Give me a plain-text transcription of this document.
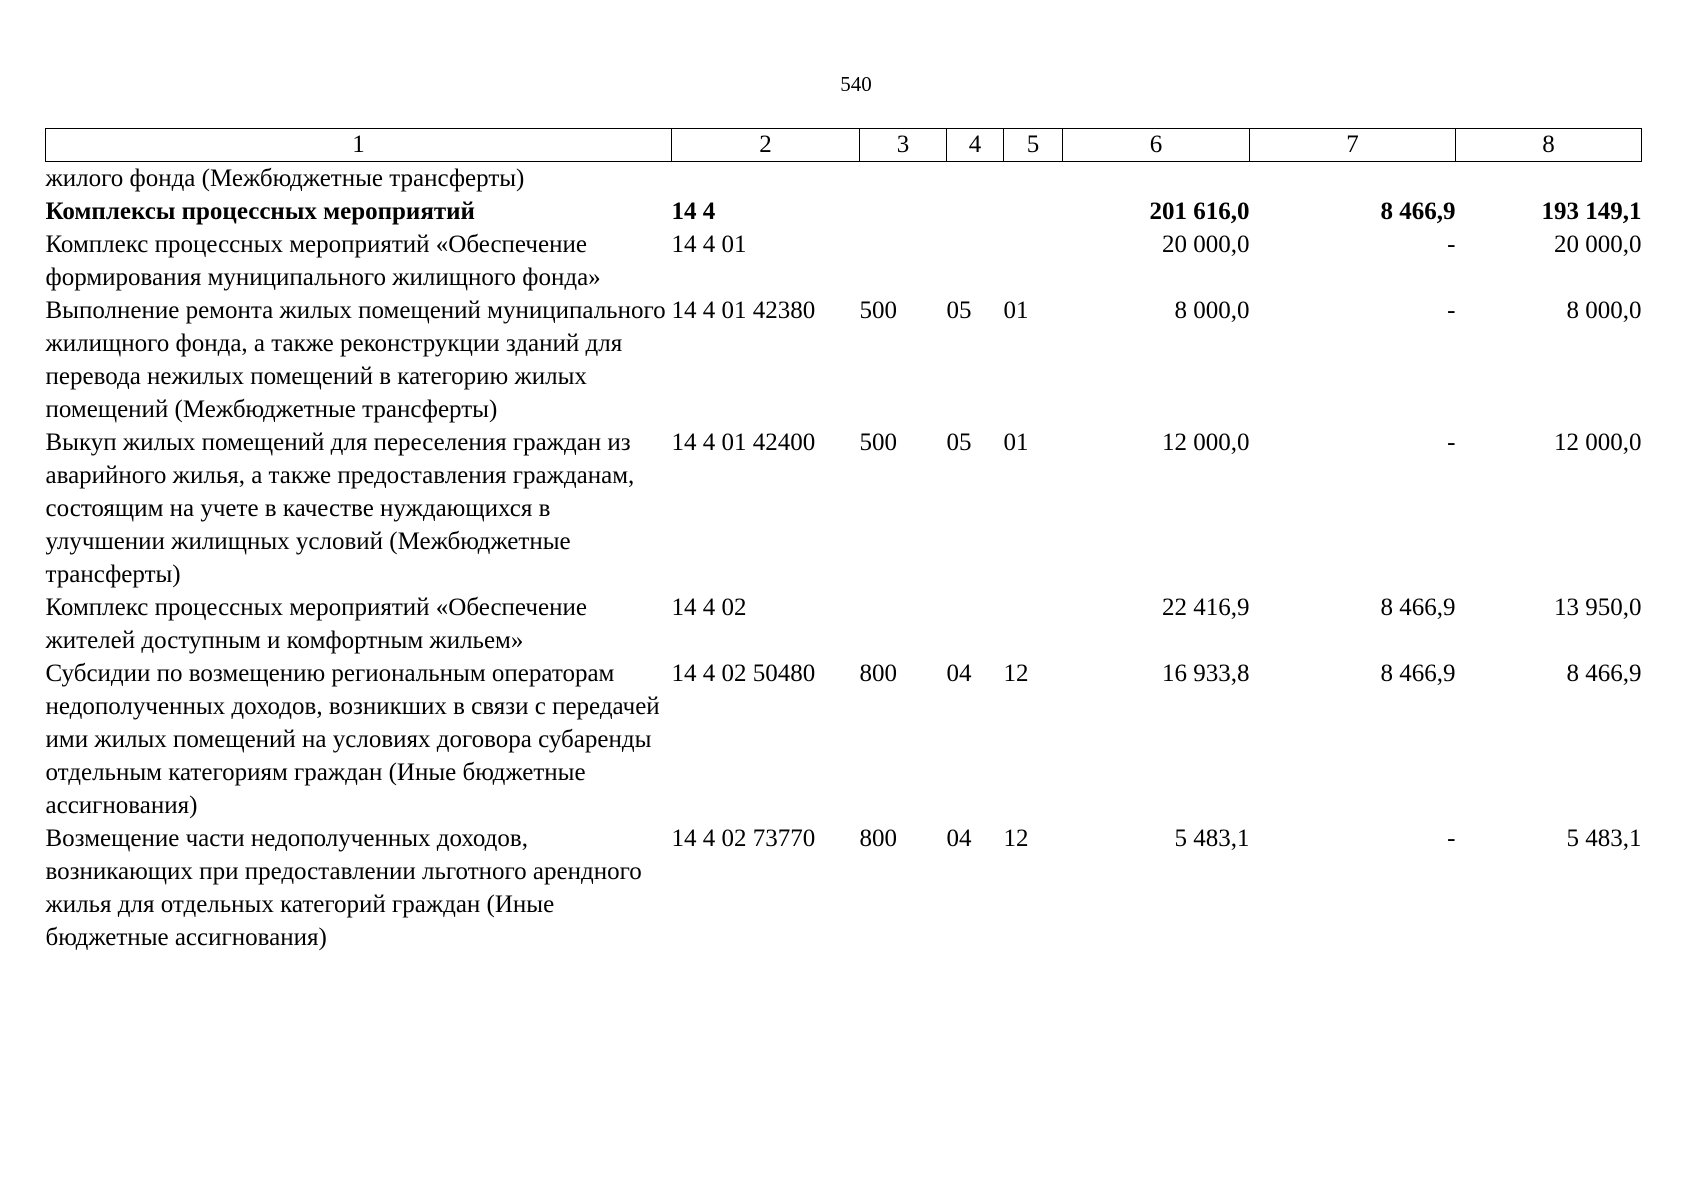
540
1	2	3	4	5	6	7	8
жилого фонда (Межбюджетные трансферты)							
Комплексы процессных мероприятий	14 4				201 616,0	8 466,9	193 149,1
Комплекс процессных мероприятий «Обеспечение формирования муниципального жилищного фонда»	14 4 01				20 000,0	-	20 000,0
Выполнение ремонта жилых помещений муниципального жилищного фонда, а также реконструкции зданий для перевода нежилых помещений в категорию жилых помещений (Межбюджетные трансферты)	14 4 01 42380	500	05	01	8 000,0	-	8 000,0
Выкуп жилых помещений для переселения граждан из аварийного жилья, а также предоставления гражданам, состоящим на учете в качестве нуждающихся в улучшении жилищных условий (Межбюджетные трансферты)	14 4 01 42400	500	05	01	12 000,0	-	12 000,0
Комплекс процессных мероприятий «Обеспечение жителей доступным и комфортным жильем»	14 4 02				22 416,9	8 466,9	13 950,0
Субсидии по возмещению региональным операторам недополученных доходов, возникших в связи с передачей ими жилых помещений на условиях договора субаренды отдельным категориям граждан (Иные бюджетные ассигнования)	14 4 02 50480	800	04	12	16 933,8	8 466,9	8 466,9
Возмещение части недополученных доходов, возникающих при предоставлении льготного арендного жилья для отдельных категорий граждан (Иные бюджетные ассигнования)	14 4 02 73770	800	04	12	5 483,1	-	5 483,1
